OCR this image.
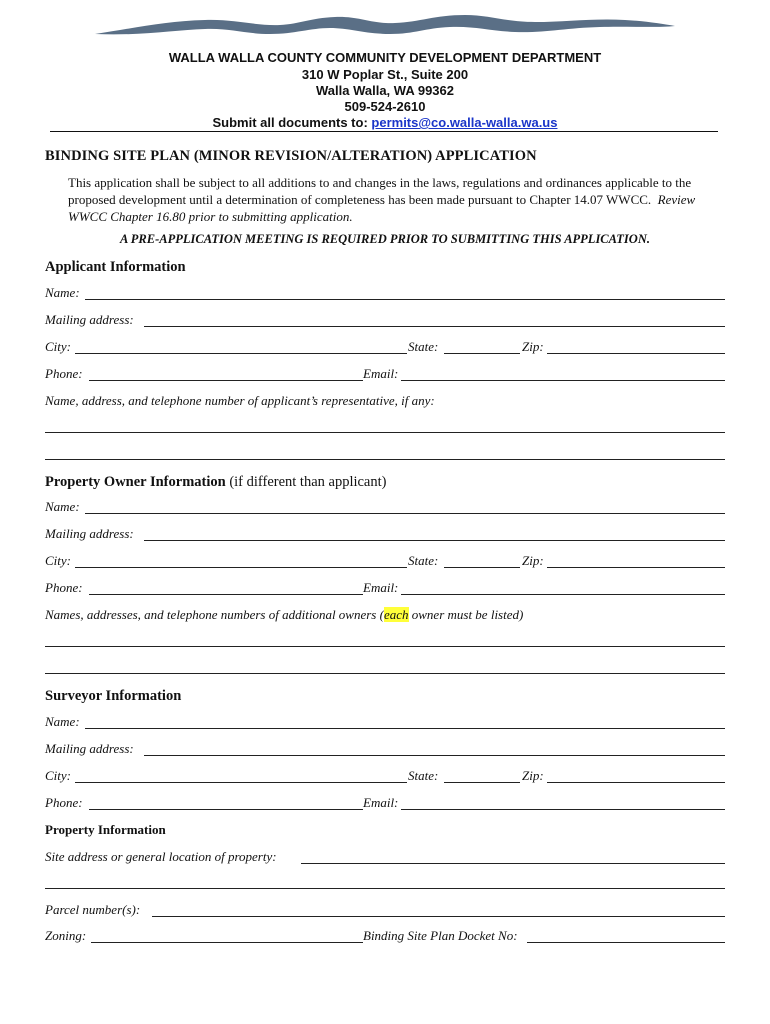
WALLA WALLA COUNTY COMMUNITY DEVELOPMENT DEPARTMENT
310 W Poplar St., Suite 200
Walla Walla, WA 99362
509-524-2610
Submit all documents to: permits@co.walla-walla.wa.us
BINDING SITE PLAN (MINOR REVISION/ALTERATION) APPLICATION
This application shall be subject to all additions to and changes in the laws, regulations and ordinances applicable to the proposed development until a determination of completeness has been made pursuant to Chapter 14.07 WWCC. Review WWCC Chapter 16.80 prior to submitting application.
A PRE-APPLICATION MEETING IS REQUIRED PRIOR TO SUBMITTING THIS APPLICATION.
Applicant Information
Name:
Mailing address:
City:	State:	Zip:
Phone:	Email:
Name, address, and telephone number of applicant’s representative, if any:
Property Owner Information (if different than applicant)
Name:
Mailing address:
City:	State:	Zip:
Phone:	Email:
Names, addresses, and telephone numbers of additional owners (each owner must be listed)
Surveyor Information
Name:
Mailing address:
City:	State:	Zip:
Phone:	Email:
Property Information
Site address or general location of property:
Parcel number(s):
Zoning:	Binding Site Plan Docket No:
